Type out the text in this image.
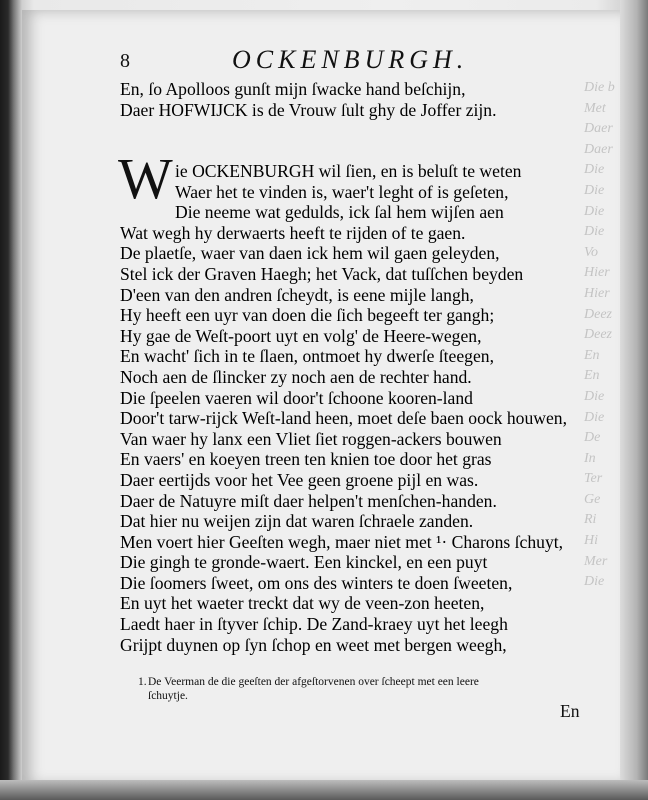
Die b
Met
Daer
Daer
Die
Die
Die
Die
Vo
Hier
Hier
Deez
Deez
En
En
Die
Die
De
In
Ter
Ge
Ri
Hi
Mer
Die
8	OCKENBURGH.
En, ſo Apolloos gunſt mijn ſwacke hand beſchijn,
Daer HOFWIJCK is de Vrouw ſult ghy de Joffer zijn.
W ie OCKENBURGH wil ſien, en is beluſt te weten
Waer het te vinden is, waer't leght of is geſeten,
Die neeme wat gedulds, ick ſal hem wijſen aen
Wat wegh hy derwaerts heeft te rijden of te gaen.
De plaetſe, waer van daen ick hem wil gaen geleyden,
Stel ick der Graven Haegh; het Vack, dat tuſſchen beyden
D'een van den andren ſcheydt, is eene mijle langh,
Hy heeft een uyr van doen die ſich begeeft ter gangh;
Hy gae de Weſt-poort uyt en volg' de Heere-wegen,
En wacht' ſich in te ſlaen, ontmoet hy dwerſe ſteegen,
Noch aen de ſlincker zy noch aen de rechter hand.
Die ſpeelen vaeren wil door't ſchoone kooren-land
Door't tarw-rijck Weſt-land heen, moet deſe baen oock houwen,
Van waer hy lanx een Vliet ſiet roggen-ackers bouwen
En vaers' en koeyen treen ten knien toe door het gras
Daer eertijds voor het Vee geen groene pijl en was.
Daer de Natuyre miſt daer helpen't menſchen-handen.
Dat hier nu weijen zijn dat waren ſchraele zanden.
Men voert hier Geeſten wegh, maer niet met ¹· Charons ſchuyt,
Die gingh te gronde-waert. Een kinckel, en een puyt
Die ſoomers ſweet, om ons des winters te doen ſweeten,
En uyt het waeter treckt dat wy de veen-zon heeten,
Laedt haer in ſtyver ſchip. De Zand-kraey uyt het leegh
Grijpt duynen op ſyn ſchop en weet met bergen weegh,
1. De Veerman de die geeſten der afgeſtorvenen over ſcheept met een leere
ſchuytje.
En
